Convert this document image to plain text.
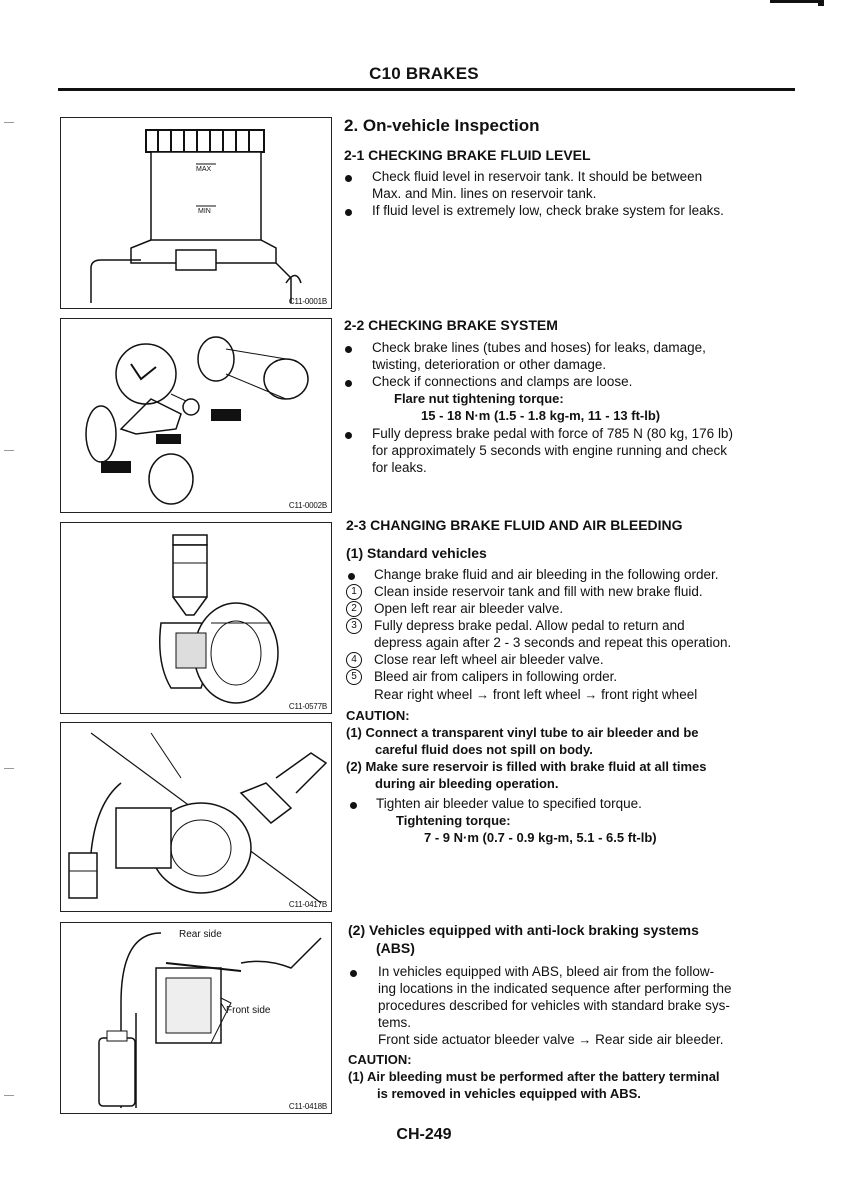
C10 BRAKES
MAX
MIN
C11-0001B
C11-0002B
C11-0577B
C11-0417B
Rear side
Front side
C11-0418B
2. On-vehicle Inspection
2-1 CHECKING BRAKE FLUID LEVEL
Check fluid level in reservoir tank. It should be between
Max. and Min. lines on reservoir tank.
If fluid level is extremely low, check brake system for leaks.
2-2 CHECKING BRAKE SYSTEM
Check brake lines (tubes and hoses) for leaks, damage,
twisting, deterioration or other damage.
Check if connections and clamps are loose.
Flare nut tightening torque:
15 - 18 N·m (1.5 - 1.8 kg-m, 11 - 13 ft-lb)
Fully depress brake pedal with force of 785 N (80 kg, 176 lb)
for approximately 5 seconds with engine running and check
for leaks.
2-3 CHANGING BRAKE FLUID AND AIR BLEEDING
(1) Standard vehicles
Change brake fluid and air bleeding in the following order.
1	Clean inside reservoir tank and fill with new brake fluid.
2	Open left rear air bleeder valve.
3	Fully depress brake pedal. Allow pedal to return and
depress again after 2 - 3 seconds and repeat this operation.
4	Close rear left wheel air bleeder valve.
5	Bleed air from calipers in following order.
Rear right wheel → front left wheel → front right wheel
CAUTION:
(1) Connect a transparent vinyl tube to air bleeder and be
careful fluid does not spill on body.
(2) Make sure reservoir is filled with brake fluid at all times
during air bleeding operation.
Tighten air bleeder value to specified torque.
Tightening torque:
7 - 9 N·m (0.7 - 0.9 kg-m, 5.1 - 6.5 ft-lb)
(2) Vehicles equipped with anti-lock braking systems
(ABS)
In vehicles equipped with ABS, bleed air from the follow-
ing locations in the indicated sequence after performing the
procedures described for vehicles with standard brake sys-
tems.
Front side actuator bleeder valve → Rear side air bleeder.
CAUTION:
(1) Air bleeding must be performed after the battery terminal
is removed in vehicles equipped with ABS.
CH-249
